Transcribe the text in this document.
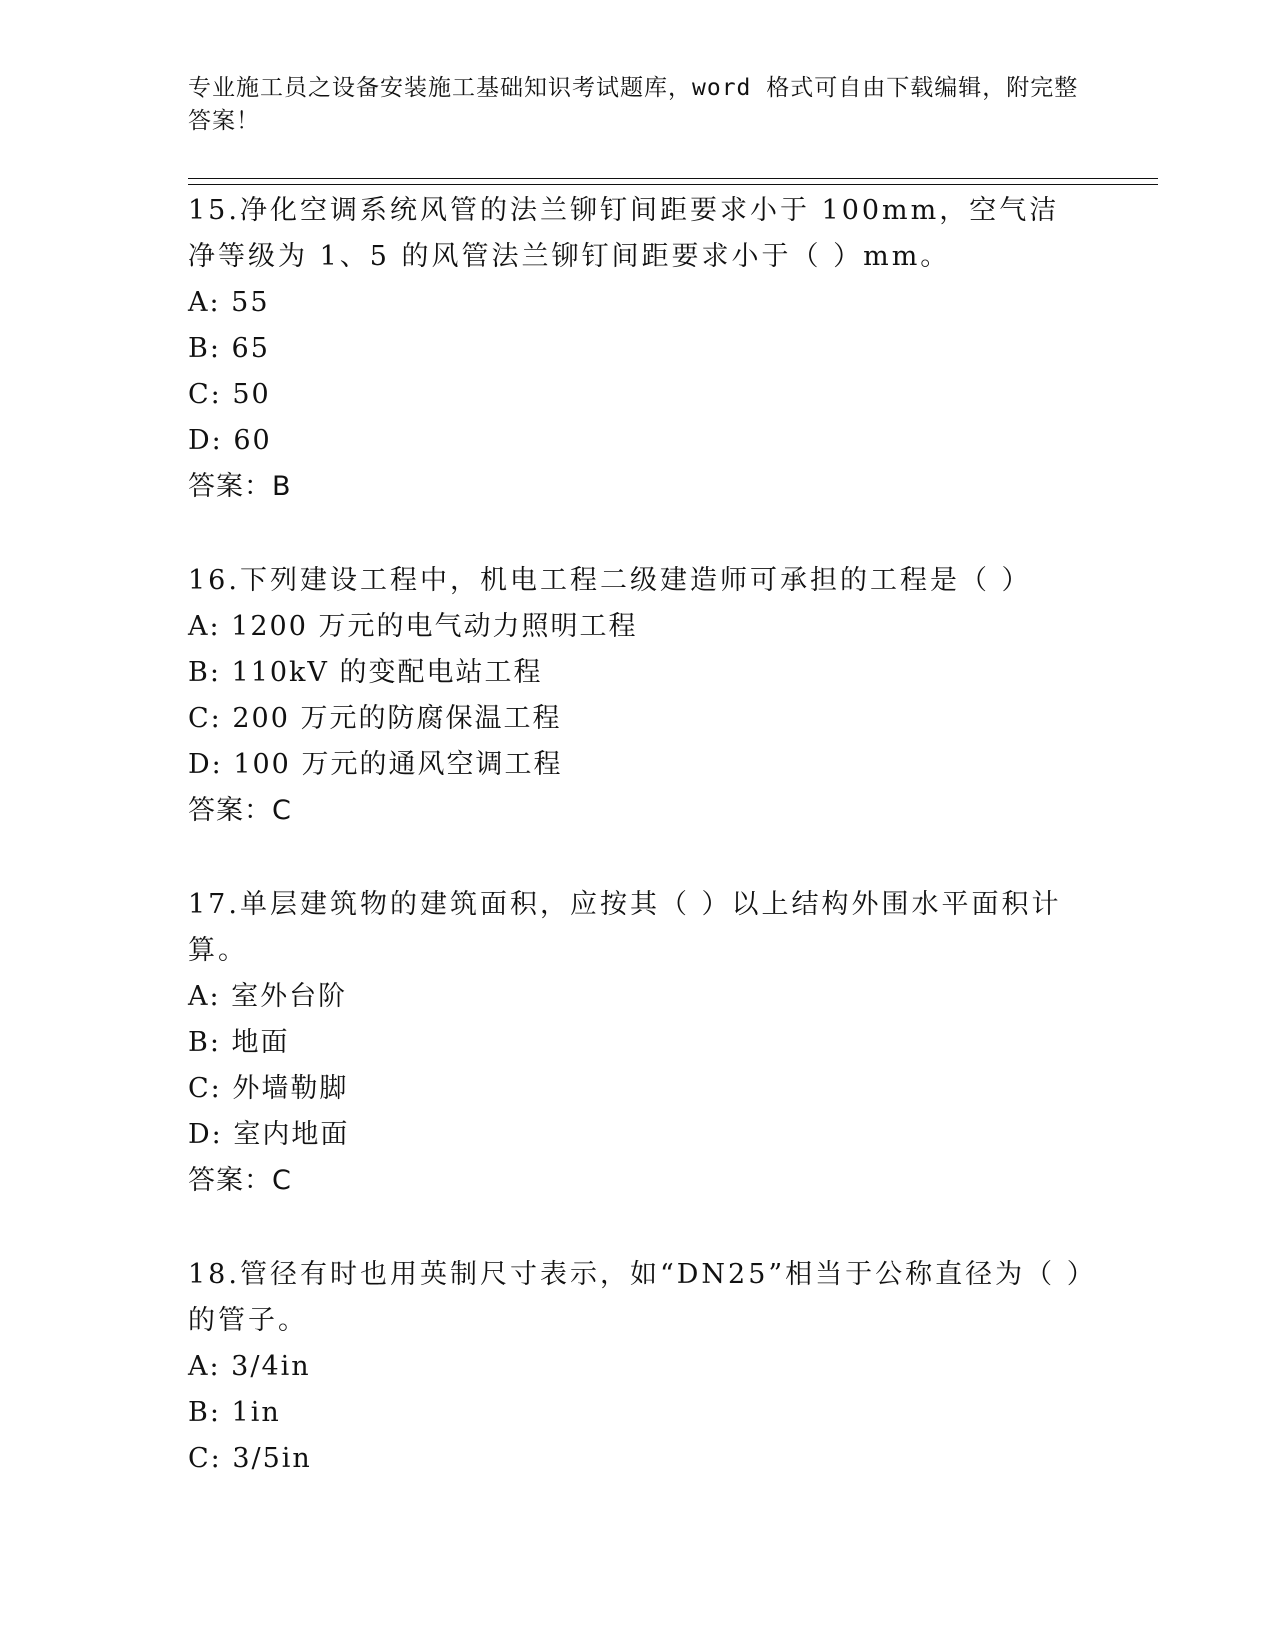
专业施工员之设备安装施工基础知识考试题库，word 格式可自由下载编辑，附完整答案！

15.净化空调系统风管的法兰铆钉间距要求小于 100mm，空气洁净等级为 1、5 的风管法兰铆钉间距要求小于（ ）mm。

A: 55

B: 65

C: 50

D: 60

答案：B

16.下列建设工程中，机电工程二级建造师可承担的工程是（ ）

A: 1200 万元的电气动力照明工程

B: 110kV 的变配电站工程

C: 200 万元的防腐保温工程

D: 100 万元的通风空调工程

答案：C

17.单层建筑物的建筑面积，应按其（ ）以上结构外围水平面积计算。

A: 室外台阶

B: 地面

C: 外墙勒脚

D: 室内地面

答案：C

18.管径有时也用英制尺寸表示，如“DN25”相当于公称直径为（ ）的管子。

A: 3/4in

B: 1in

C: 3/5in
